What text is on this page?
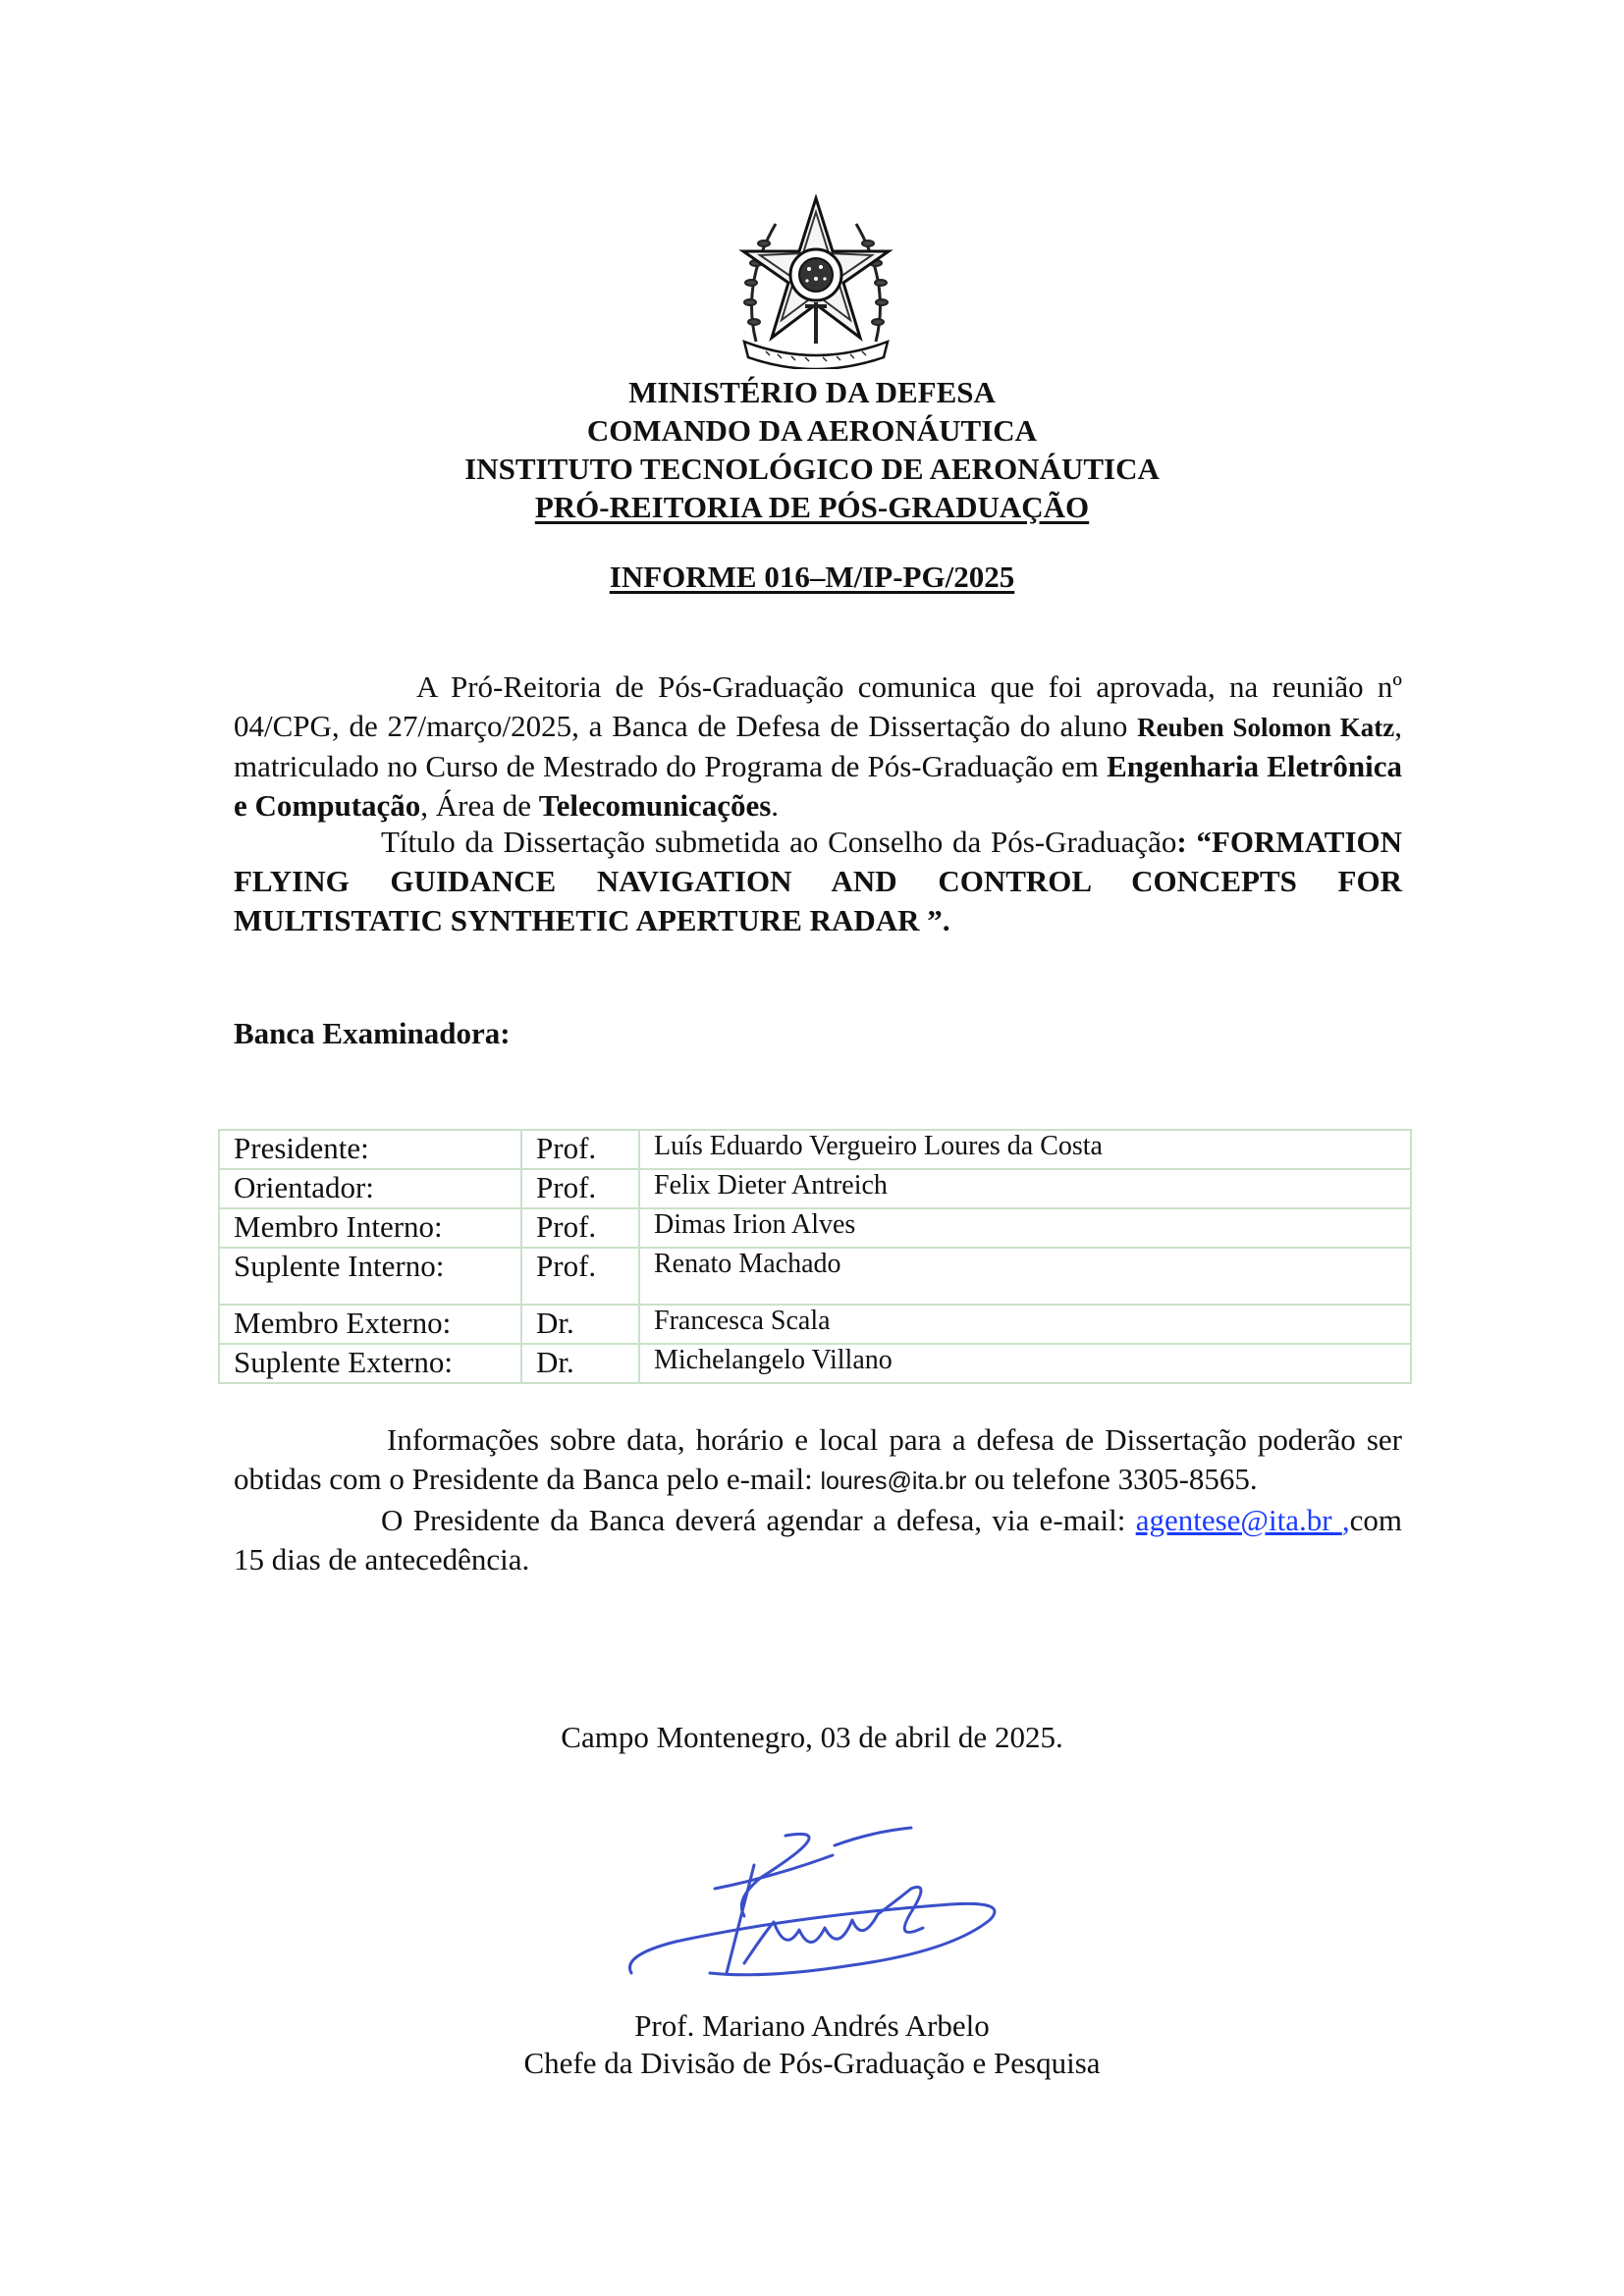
MINISTÉRIO DA DEFESA
COMANDO DA AERONÁUTICA
INSTITUTO TECNOLÓGICO DE AERONÁUTICA
PRÓ-REITORIA DE PÓS-GRADUAÇÃO
INFORME 016–M/IP-PG/2025
A Pró-Reitoria de Pós-Graduação comunica que foi aprovada, na reunião nº 04/CPG, de 27/março/2025, a Banca de Defesa de Dissertação do aluno Reuben Solomon Katz, matriculado no Curso de Mestrado do Programa de Pós-Graduação em Engenharia Eletrônica e Computação, Área de Telecomunicações.
Título da Dissertação submetida ao Conselho da Pós-Graduação: “FORMATION FLYING GUIDANCE NAVIGATION AND CONTROL CONCEPTS FOR MULTISTATIC SYNTHETIC APERTURE RADAR ”.
Banca Examinadora:
Presidente:	Prof.	Luís Eduardo Vergueiro Loures da Costa
Orientador:	Prof.	Felix Dieter Antreich
Membro Interno:	Prof.	Dimas Irion Alves
Suplente Interno:	Prof.	Renato Machado
Membro Externo:	Dr.	Francesca Scala
Suplente Externo:	Dr.	Michelangelo Villano
Informações sobre data, horário e local para a defesa de Dissertação poderão ser obtidas com o Presidente da Banca pelo e-mail: loures@ita.br ou telefone 3305-8565.
O Presidente da Banca deverá agendar a defesa, via e-mail: agentese@ita.br ,com 15 dias de antecedência.
Campo Montenegro, 03 de abril de 2025.
Prof. Mariano Andrés Arbelo
Chefe da Divisão de Pós-Graduação e Pesquisa
